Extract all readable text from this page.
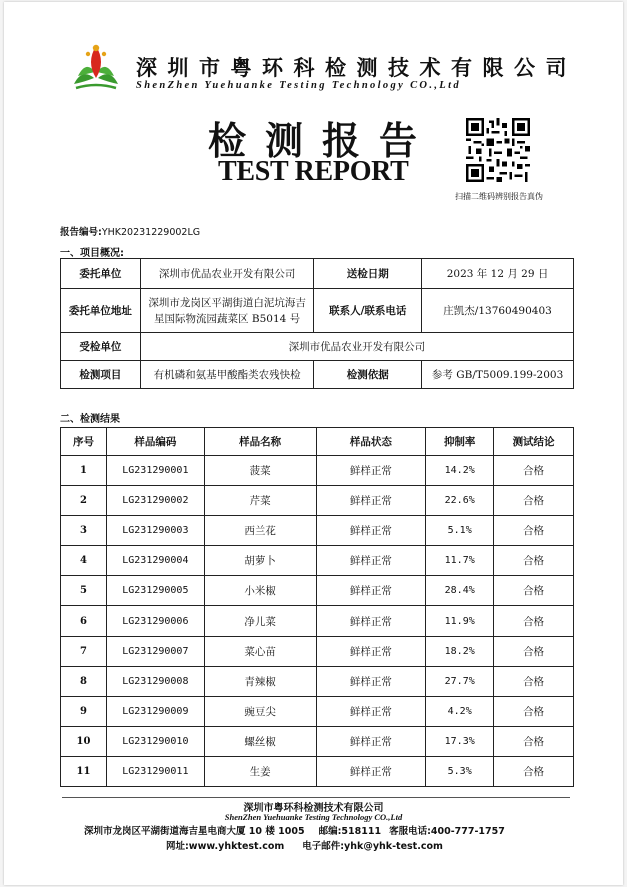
深圳市粤环科检测技术有限公司
ShenZhen Yuehuanke Testing Technology CO.,Ltd
检测报告
TEST REPORT
扫描二维码辨别报告真伪
报告编号:YHK20231229002LG
一、项目概况:
委托单位	深圳市优品农业开发有限公司	送检日期	2023 年 12 月 29 日
委托单位地址	深圳市龙岗区平湖街道白泥坑海吉星国际物流园蔬菜区 B5014 号	联系人/联系电话	庄凯杰/13760490403
受检单位	深圳市优品农业开发有限公司		
检测项目	有机磷和氨基甲酸酯类农残快检	检测依据	参考 GB/T5009.199-2003
二、检测结果
序号	样品编码	样品名称	样品状态	抑制率	测试结论
1	LG231290001	菠菜	鲜样正常	14.2%	合格
2	LG231290002	芹菜	鲜样正常	22.6%	合格
3	LG231290003	西兰花	鲜样正常	5.1%	合格
4	LG231290004	胡萝卜	鲜样正常	11.7%	合格
5	LG231290005	小米椒	鲜样正常	28.4%	合格
6	LG231290006	净儿菜	鲜样正常	11.9%	合格
7	LG231290007	菜心苗	鲜样正常	18.2%	合格
8	LG231290008	青辣椒	鲜样正常	27.7%	合格
9	LG231290009	豌豆尖	鲜样正常	4.2%	合格
10	LG231290010	螺丝椒	鲜样正常	17.3%	合格
11	LG231290011	生姜	鲜样正常	5.3%	合格
深圳市粤环科检测技术有限公司
ShenZhen Yuehuanke Testing Technology CO.,Ltd
深圳市龙岗区平湖街道海吉星电商大厦 10 楼 1005 邮编:518111 客服电话:400-777-1757
网址:www.yhktest.com 电子邮件:yhk@yhk-test.com
